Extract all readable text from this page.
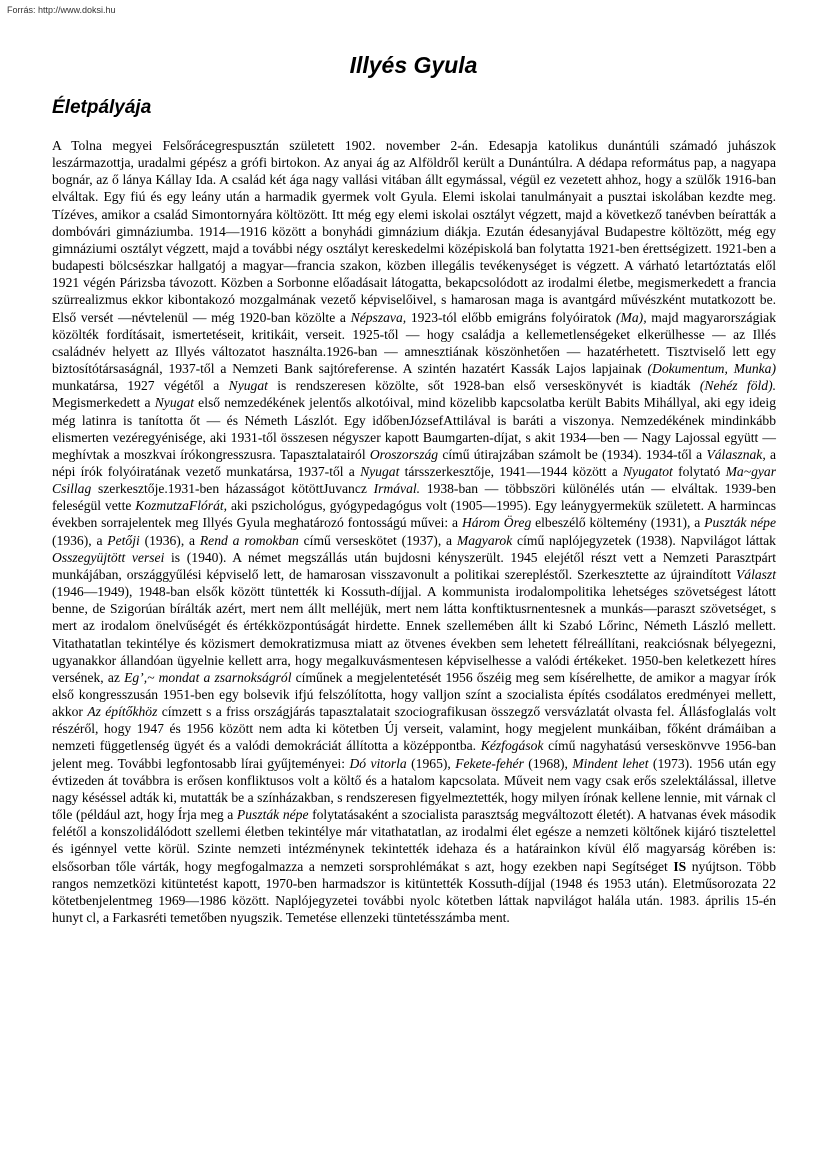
Forrás: http://www.doksi.hu
Illyés Gyula
Életpályája

A Tolna megyei Felsőrácegrespusztán született 1902. november 2-án. Edesapja katolikus dunántúli számadó juhászok leszármazottja, uradalmi gépész a grófi birtokon. Az anyai ág az Alföldről került a Dunántúlra. A dédapa református pap, a nagyapa bognár, az ő lánya Kállay Ida. A család két ága nagy vallási vitában állt egymással, végül ez vezetett ahhoz, hogy a szülők 1916-ban elváltak. Egy fiú és egy leány után a harmadik gyermek volt Gyula. Elemi iskolai tanulmányait a pusztai iskolában kezdte meg. Tízéves, amikor a család Simontornyára költözött. Itt még egy elemi iskolai osztályt végzett, majd a következő tanévben beíratták a dombóvári gimnáziumba. 1914—1916 között a bonyhádi gimnázium diákja. Ezután édesanyjával Budapestre költözött, még egy gimnáziumi osztályt végzett, majd a további négy osztályt kereskedelmi középiskolá ban folytatta 1921-ben érettségizett. 1921-ben a budapesti bölcsészkar hallgatój a magyar—francia szakon, közben illegális tevékenységet is végzett. A várható letartóztatás elől 1921 végén Párizsba távozott. Közben a Sorbonne előadásait látogatta, bekapcsolódott az irodalmi életbe, megismerkedett a francia szürrealizmus ekkor kibontakozó mozgalmának vezető képviselőivel, s hamarosan maga is avantgárd művészként mutatkozott be. Első versét —névtelenül — még 1920-ban közölte a Népszava, 1923-tól előbb emigráns folyóiratok (Ma), majd magyarországiak közölték fordításait, ismertetéseit, kritikáit, verseit. 1925-től — hogy családja a kellemetlenségeket elkerülhesse — az Illés családnév helyett az Illyés változatot használta.1926-ban — amnesztiának köszönhetően — hazatérhetett. Tisztviselő lett egy biztosítótársaságnál, 1937-től a Nemzeti Bank sajtóreferense. A szintén hazatért Kassák Lajos lapjainak (Dokumentum, Munka) munkatársa, 1927 végétől a Nyugat is rendszeresen közölte, sőt 1928-ban első verseskönyvét is kiadták (Nehéz föld). Megismerkedett a Nyugat első nemzedékének jelentős alkotóival, mind közelibb kapcsolatba került Babits Mihállyal, aki egy ideig még latinra is tanította őt — és Németh Lászlót. Egy időbenJózsefAttilával is baráti a viszonya. Nemzedékének mindinkább elismerten vezéregyénisége, aki 1931-től összesen négyszer kapott Baumgarten-díjat, s akit 1934—ben — Nagy Lajossal együtt — meghívtak a moszkvai írókongresszusra. Tapasztalatairól Oroszország című útirajzában számolt be (1934). 1934-től a Válasznak, a népi írók folyóiratának vezető munkatársa, 1937-től a Nyugat társszerkesztője, 1941—1944 között a Nyugatot folytató Ma~gyar Csillag szerkesztője.1931-ben házasságot kötöttJuvancz Irmával. 1938-ban — többszöri különélés után — elváltak. 1939-ben feleségül vette KozmutzaFlórát, aki pszichológus, gyógypedagógus volt (1905—1995). Egy leánygyermekük született. A harmincas években sorrajelentek meg Illyés Gyula meghatározó fontosságú művei: a Három Öreg elbeszélő költemény (1931), a Puszták népe (1936), a Petőji (1936), a Rend a romokban című verseskötet (1937), a Magyarok című naplójegyzetek (1938). Napvilágot láttak Osszegyüjtött versei is (1940). A német megszállás után bujdosni kényszerült. 1945 elejétől részt vett a Nemzeti Parasztpárt munkájában, országgyűlési képviselő lett, de hamarosan visszavonult a politikai szerepléstől. Szerkesztette az újraindított Választ (1946—1949), 1948-ban elsők között tüntették ki Kossuth-díjjal. A kommunista irodalompolitika lehetséges szövetségest látott benne, de Szigorúan bírálták azért, mert nem állt melléjük, mert nem látta konftiktusrnentesnek a munkás—paraszt szövetséget, s mert az irodalom önelvűségét és értékközpontúságát hirdette. Ennek szellemében állt ki Szabó Lőrinc, Németh László mellett. Vitathatatlan tekintélye és közismert demokratizmusa miatt az ötvenes években sem lehetett félreállítani, reakciósnak bélyegezni, ugyanakkor állandóan ügyelnie kellett arra, hogy megalkuvásmentesen képviselhesse a valódi értékeket. 1950-ben keletkezett híres versének, az Eg’,~ mondat a zsarnokságról címűnek a megjelentetését 1956 őszéig meg sem kísérelhette, de amikor a magyar írók első kongresszusán 1951-ben egy bolsevik ifjú felszólította, hogy valljon színt a szocialista építés csodálatos eredményei mellett, akkor Az építőkhöz címzett s a friss országjárás tapasztalatait szociografikusan összegző versvázlatát olvasta fel. Állásfoglalás volt részéről, hogy 1947 és 1956 között nem adta ki kötetben Új verseit, valamint, hogy megjelent munkáiban, főként drámáiban a nemzeti függetlenség ügyét és a valódi demokráciát állította a középpontba. Kézfogások című nagyhatású verseskönvve 1956-ban jelent meg. További legfontosabb lírai gyűjteményei: Dó vitorla (1965), Fekete-fehér (1968), Mindent lehet (1973). 1956 után egy évtizeden át továbbra is erősen konfliktusos volt a költő és a hatalom kapcsolata. Műveit nem vagy csak erős szelektálással, illetve nagy késéssel adták ki, mutatták be a színházakban, s rendszeresen figyelmeztették, hogy milyen írónak kellene lennie, mit várnak cl tőle (például azt, hogy Írja meg a Puszták népe folytatásaként a szocialista parasztság megváltozott életét). A hatvanas évek második felétől a konszolidálódott szellemi életben tekintélye már vitathatatlan, az irodalmi élet egésze a nemzeti költőnek kijáró tisztelettel és igénnyel vette körül. Szinte nemzeti intézménynek tekintették idehaza és a határainkon kívül élő magyarság körében is: elsősorban tőle várták, hogy megfogalmazza a nemzeti sorsprohlémákat s azt, hogy ezekben napi Segítséget IS nyújtson. Több rangos nemzetközi kitüntetést kapott, 1970-ben harmadszor is kitüntették Kossuth-díjjal (1948 és 1953 után). Eletműsorozata 22 kötetbenjelentmeg 1969—1986 között. Naplójegyzetei további nyolc kötetben láttak napvilágot halála után. 1983. április 15-én hunyt cl, a Farkasréti temetőben nyugszik. Temetése ellenzeki tüntetésszámba ment.
